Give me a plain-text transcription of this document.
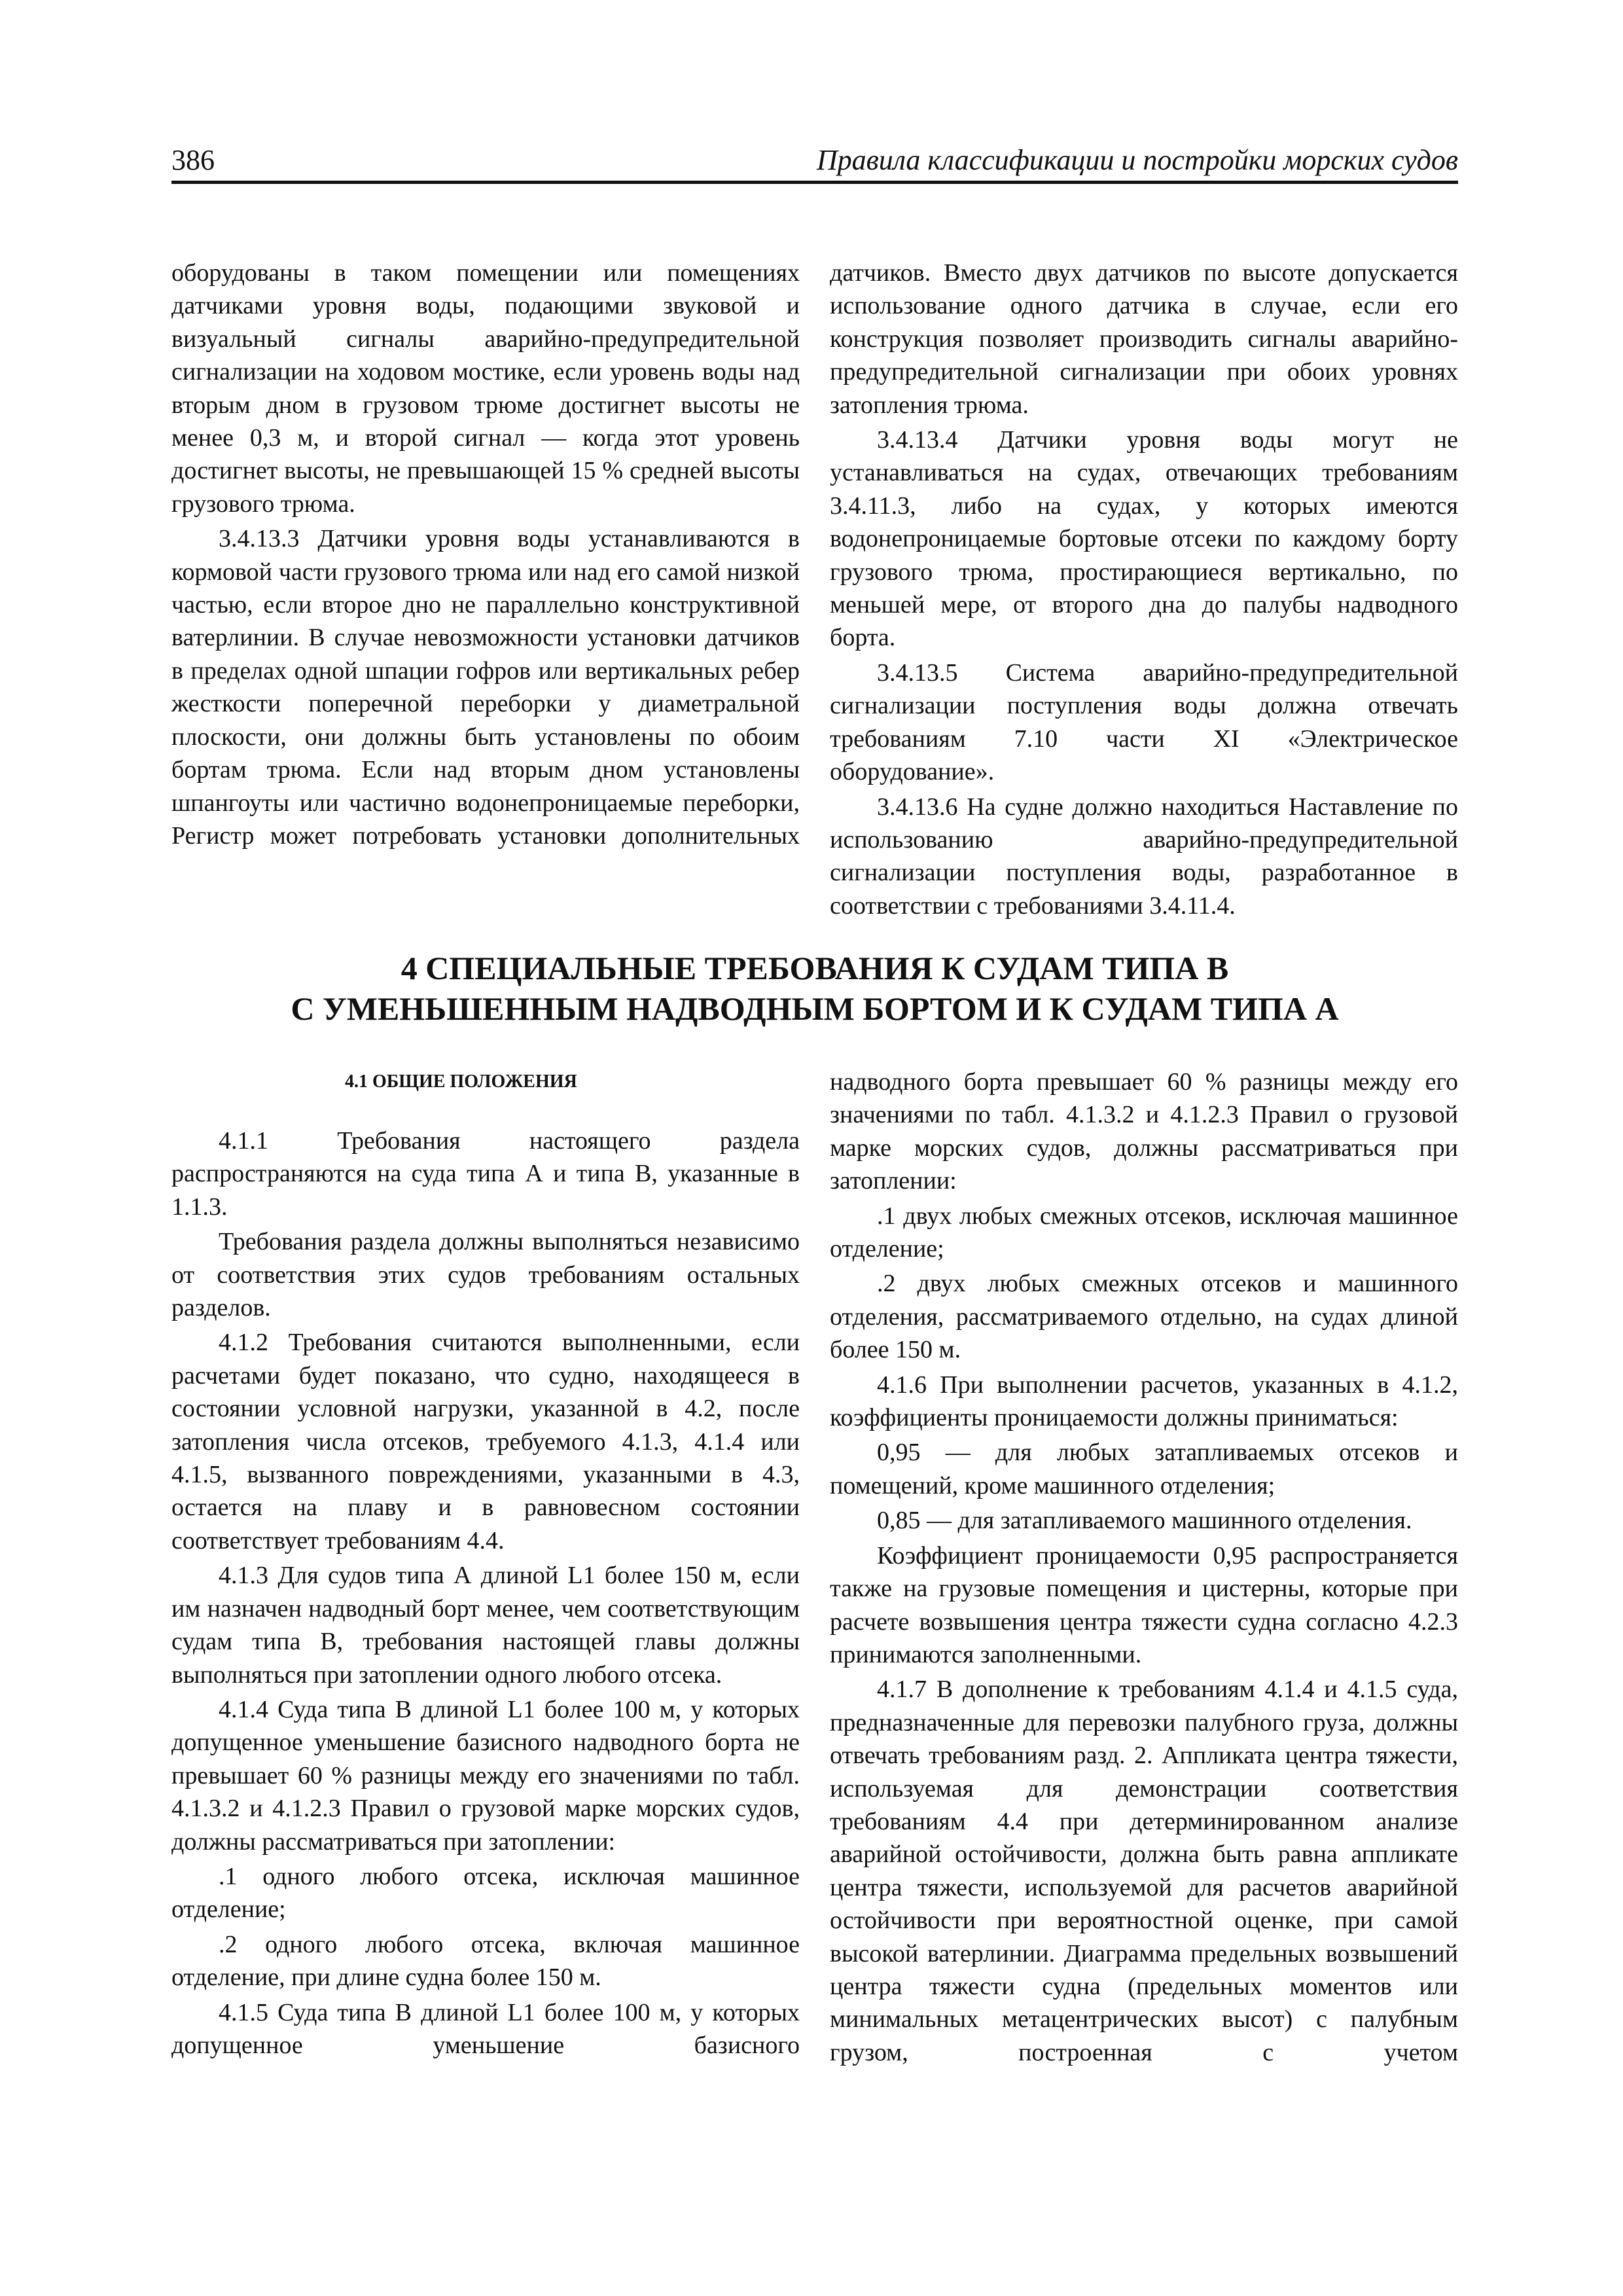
386	Правила классификации и постройки морских судов

оборудованы в таком помещении или помещениях датчиками уровня воды, подающими звуковой и визуальный сигналы аварийно-предупредительной сигнализации на ходовом мостике, если уровень воды над вторым дном в грузовом трюме достигнет высоты не менее 0,3 м, и второй сигнал — когда этот уровень достигнет высоты, не превышающей 15 % средней высоты грузового трюма.

3.4.13.3 Датчики уровня воды устанавливаются в кормовой части грузового трюма или над его самой низкой частью, если второе дно не параллельно конструктивной ватерлинии. В случае невозможности установки датчиков в пределах одной шпации гофров или вертикальных ребер жесткости поперечной переборки у диаметральной плоскости, они должны быть установлены по обоим бортам трюма. Если над вторым дном установлены шпангоуты или частично водонепроницаемые переборки, Регистр может потребовать установки дополнительных

датчиков. Вместо двух датчиков по высоте допускается использование одного датчика в случае, если его конструкция позволяет производить сигналы аварийно-предупредительной сигнализации при обоих уровнях затопления трюма.

3.4.13.4 Датчики уровня воды могут не устанавливаться на судах, отвечающих требованиям 3.4.11.3, либо на судах, у которых имеются водонепроницаемые бортовые отсеки по каждому борту грузового трюма, простирающиеся вертикально, по меньшей мере, от второго дна до палубы надводного борта.

3.4.13.5 Система аварийно-предупредительной сигнализации поступления воды должна отвечать требованиям 7.10 части XI «Электрическое оборудование».

3.4.13.6 На судне должно находиться Наставление по использованию аварийно-предупредительной сигнализации поступления воды, разработанное в соответствии с требованиями 3.4.11.4.

4 СПЕЦИАЛЬНЫЕ ТРЕБОВАНИЯ К СУДАМ ТИПА В
С УМЕНЬШЕННЫМ НАДВОДНЫМ БОРТОМ И К СУДАМ ТИПА А

4.1 ОБЩИЕ ПОЛОЖЕНИЯ

4.1.1 Требования настоящего раздела распространяются на суда типа А и типа В, указанные в 1.1.3.

Требования раздела должны выполняться независимо от соответствия этих судов требованиям остальных разделов.

4.1.2 Требования считаются выполненными, если расчетами будет показано, что судно, находящееся в состоянии условной нагрузки, указанной в 4.2, после затопления числа отсеков, требуемого 4.1.3, 4.1.4 или 4.1.5, вызванного повреждениями, указанными в 4.3, остается на плаву и в равновесном состоянии соответствует требованиям 4.4.

4.1.3 Для судов типа А длиной L1 более 150 м, если им назначен надводный борт менее, чем соответствующим судам типа B, требования настоящей главы должны выполняться при затоплении одного любого отсека.

4.1.4 Суда типа В длиной L1 более 100 м, у которых допущенное уменьшение базисного надводного борта не превышает 60 % разницы между его значениями по табл. 4.1.3.2 и 4.1.2.3 Правил о грузовой марке морских судов, должны рассматриваться при затоплении:

.1 одного любого отсека, исключая машинное отделение;

.2 одного любого отсека, включая машинное отделение, при длине судна более 150 м.

4.1.5 Суда типа В длиной L1 более 100 м, у которых допущенное уменьшение базисного

надводного борта превышает 60 % разницы между его значениями по табл. 4.1.3.2 и 4.1.2.3 Правил о грузовой марке морских судов, должны рассматриваться при затоплении:

.1 двух любых смежных отсеков, исключая машинное отделение;

.2 двух любых смежных отсеков и машинного отделения, рассматриваемого отдельно, на судах длиной более 150 м.

4.1.6 При выполнении расчетов, указанных в 4.1.2, коэффициенты проницаемости должны приниматься:

0,95 — для любых затапливаемых отсеков и помещений, кроме машинного отделения;

0,85 — для затапливаемого машинного отделения.

Коэффициент проницаемости 0,95 распространяется также на грузовые помещения и цистерны, которые при расчете возвышения центра тяжести судна согласно 4.2.3 принимаются заполненными.

4.1.7 В дополнение к требованиям 4.1.4 и 4.1.5 суда, предназначенные для перевозки палубного груза, должны отвечать требованиям разд. 2. Аппликата центра тяжести, используемая для демонстрации соответствия требованиям 4.4 при детерминированном анализе аварийной остойчивости, должна быть равна аппликате центра тяжести, используемой для расчетов аварийной остойчивости при вероятностной оценке, при самой высокой ватерлинии. Диаграмма предельных возвышений центра тяжести судна (предельных моментов или минимальных метацентрических высот) с палубным грузом, построенная с учетом
